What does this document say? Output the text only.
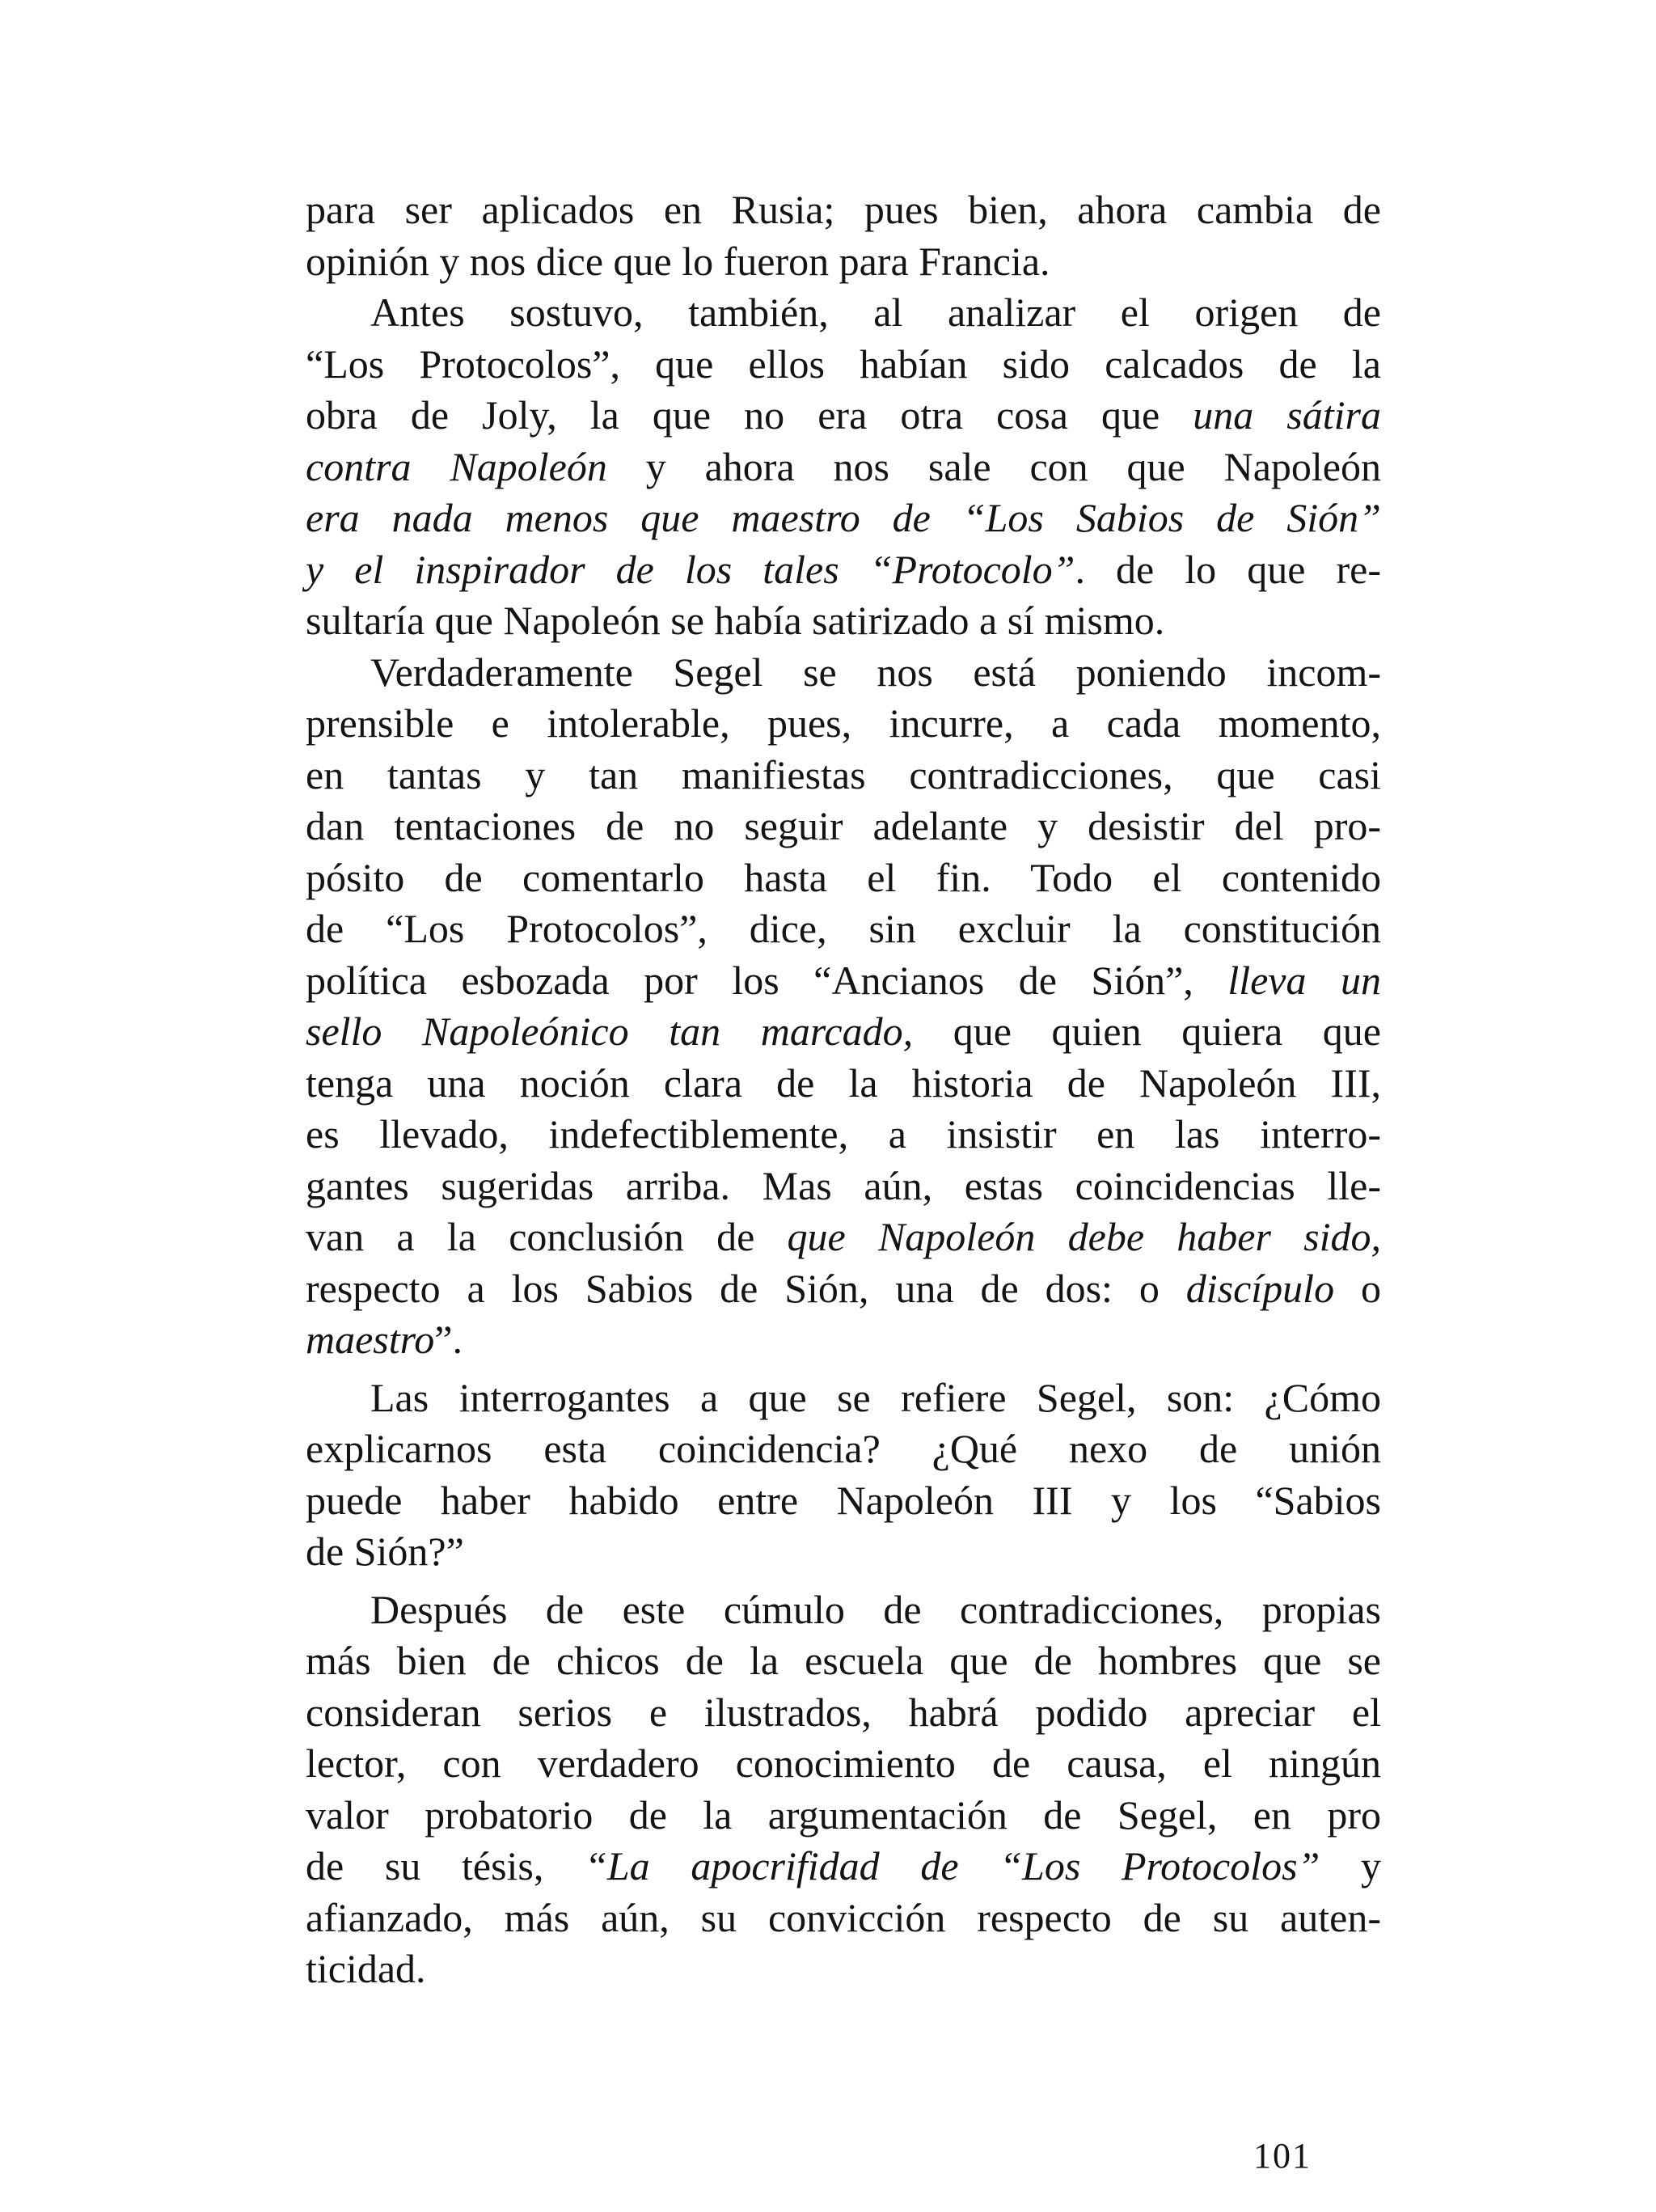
para ser aplicados en Rusia; pues bien, ahora cambia de
opinión y nos dice que lo fueron para Francia.
Antes sostuvo, también, al analizar el origen de
“Los Protocolos”, que ellos habían sido calcados de la
obra de Joly, la que no era otra cosa que una sátira
contra Napoleón y ahora nos sale con que Napoleón
era nada menos que maestro de “Los Sabios de Sión”
y el inspirador de los tales “Protocolo”. de lo que re-
sultaría que Napoleón se había satirizado a sí mismo.
Verdaderamente Segel se nos está poniendo incom-
prensible e intolerable, pues, incurre, a cada momento,
en tantas y tan manifiestas contradicciones, que casi
dan tentaciones de no seguir adelante y desistir del pro-
pósito de comentarlo hasta el fin. Todo el contenido
de “Los Protocolos”, dice, sin excluir la constitución
política esbozada por los “Ancianos de Sión”, lleva un
sello Napoleónico tan marcado, que quien quiera que
tenga una noción clara de la historia de Napoleón III,
es llevado, indefectiblemente, a insistir en las interro-
gantes sugeridas arriba. Mas aún, estas coincidencias lle-
van a la conclusión de que Napoleón debe haber sido,
respecto a los Sabios de Sión, una de dos: o discípulo o
maestro”.
Las interrogantes a que se refiere Segel, son: ¿Cómo
explicarnos esta coincidencia? ¿Qué nexo de unión
puede haber habido entre Napoleón III y los “Sabios
de Sión?”
Después de este cúmulo de contradicciones, propias
más bien de chicos de la escuela que de hombres que se
consideran serios e ilustrados, habrá podido apreciar el
lector, con verdadero conocimiento de causa, el ningún
valor probatorio de la argumentación de Segel, en pro
de su tésis, “La apocrifidad de “Los Protocolos” y
afianzado, más aún, su convicción respecto de su auten-
ticidad.
101
